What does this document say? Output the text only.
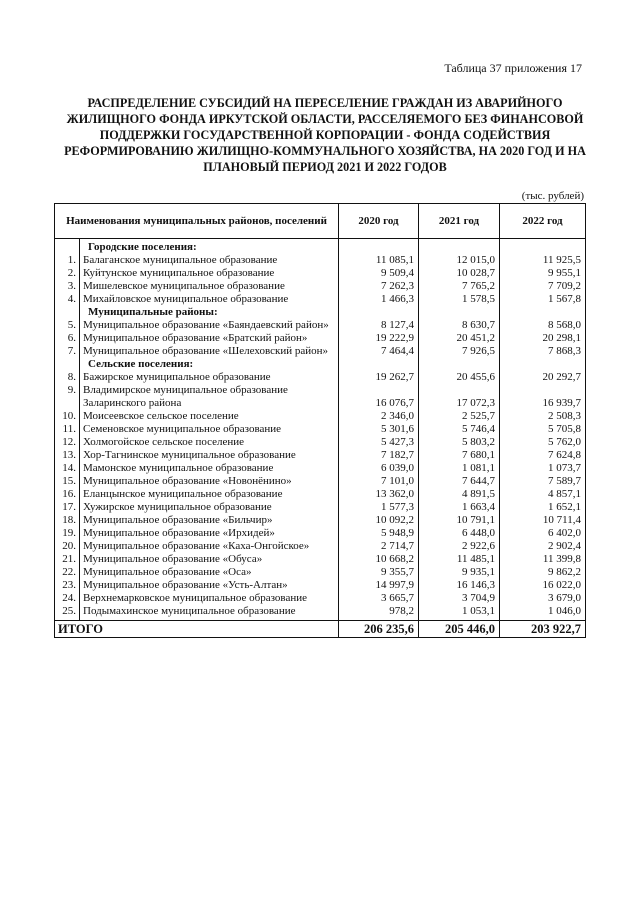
Таблица 37 приложения 17
РАСПРЕДЕЛЕНИЕ СУБСИДИЙ НА ПЕРЕСЕЛЕНИЕ ГРАЖДАН ИЗ АВАРИЙНОГО ЖИЛИЩНОГО ФОНДА ИРКУТСКОЙ ОБЛАСТИ, РАССЕЛЯЕМОГО БЕЗ ФИНАНСОВОЙ ПОДДЕРЖКИ ГОСУДАРСТВЕННОЙ КОРПОРАЦИИ - ФОНДА СОДЕЙСТВИЯ РЕФОРМИРОВАНИЮ ЖИЛИЩНО-КОММУНАЛЬНОГО ХОЗЯЙСТВА, НА 2020 ГОД И НА ПЛАНОВЫЙ ПЕРИОД 2021 И 2022 ГОДОВ
(тыс. рублей)
Наименования муниципальных районов, поселений		2020 год	2021 год	2022 год
	Городские поселения:			
1.	Балаганское муниципальное образование	11 085,1	12 015,0	11 925,5
2.	Куйтунское муниципальное образование	9 509,4	10 028,7	9 955,1
3.	Мишелевское муниципальное образование	7 262,3	7 765,2	7 709,2
4.	Михайловское муниципальное образование	1 466,3	1 578,5	1 567,8
	Муниципальные районы:			
5.	Муниципальное образование «Баяндаевский район»	8 127,4	8 630,7	8 568,0
6.	Муниципальное образование «Братский район»	19 222,9	20 451,2	20 298,1
7.	Муниципальное образование «Шелеховский район»	7 464,4	7 926,5	7 868,3
	Сельские поселения:			
8.	Бажирское муниципальное образование	19 262,7	20 455,6	20 292,7
9.	Владимирское муниципальное образование Заларинского района	16 076,7	17 072,3	16 939,7
10.	Моисеевское сельское поселение	2 346,0	2 525,7	2 508,3
11.	Семеновское муниципальное образование	5 301,6	5 746,4	5 705,8
12.	Холмогойское сельское поселение	5 427,3	5 803,2	5 762,0
13.	Хор-Тагнинское муниципальное образование	7 182,7	7 680,1	7 624,8
14.	Мамонское муниципальное образование	6 039,0	1 081,1	1 073,7
15.	Муниципальное образование «Новонёнино»	7 101,0	7 644,7	7 589,7
16.	Еланцынское муниципальное образование	13 362,0	4 891,5	4 857,1
17.	Хужирское муниципальное образование	1 577,3	1 663,4	1 652,1
18.	Муниципальное образование «Бильчир»	10 092,2	10 791,1	10 711,4
19.	Муниципальное образование «Ирхидей»	5 948,9	6 448,0	6 402,0
20.	Муниципальное образование «Каха-Онгойское»	2 714,7	2 922,6	2 902,4
21.	Муниципальное образование «Обуса»	10 668,2	11 485,1	11 399,8
22.	Муниципальное образование «Оса»	9 355,7	9 935,1	9 862,2
23.	Муниципальное образование «Усть-Алтан»	14 997,9	16 146,3	16 022,0
24.	Верхнемарковское муниципальное образование	3 665,7	3 704,9	3 679,0
25.	Подымахинское муниципальное образование	978,2	1 053,1	1 046,0
ИТОГО		206 235,6	205 446,0	203 922,7
